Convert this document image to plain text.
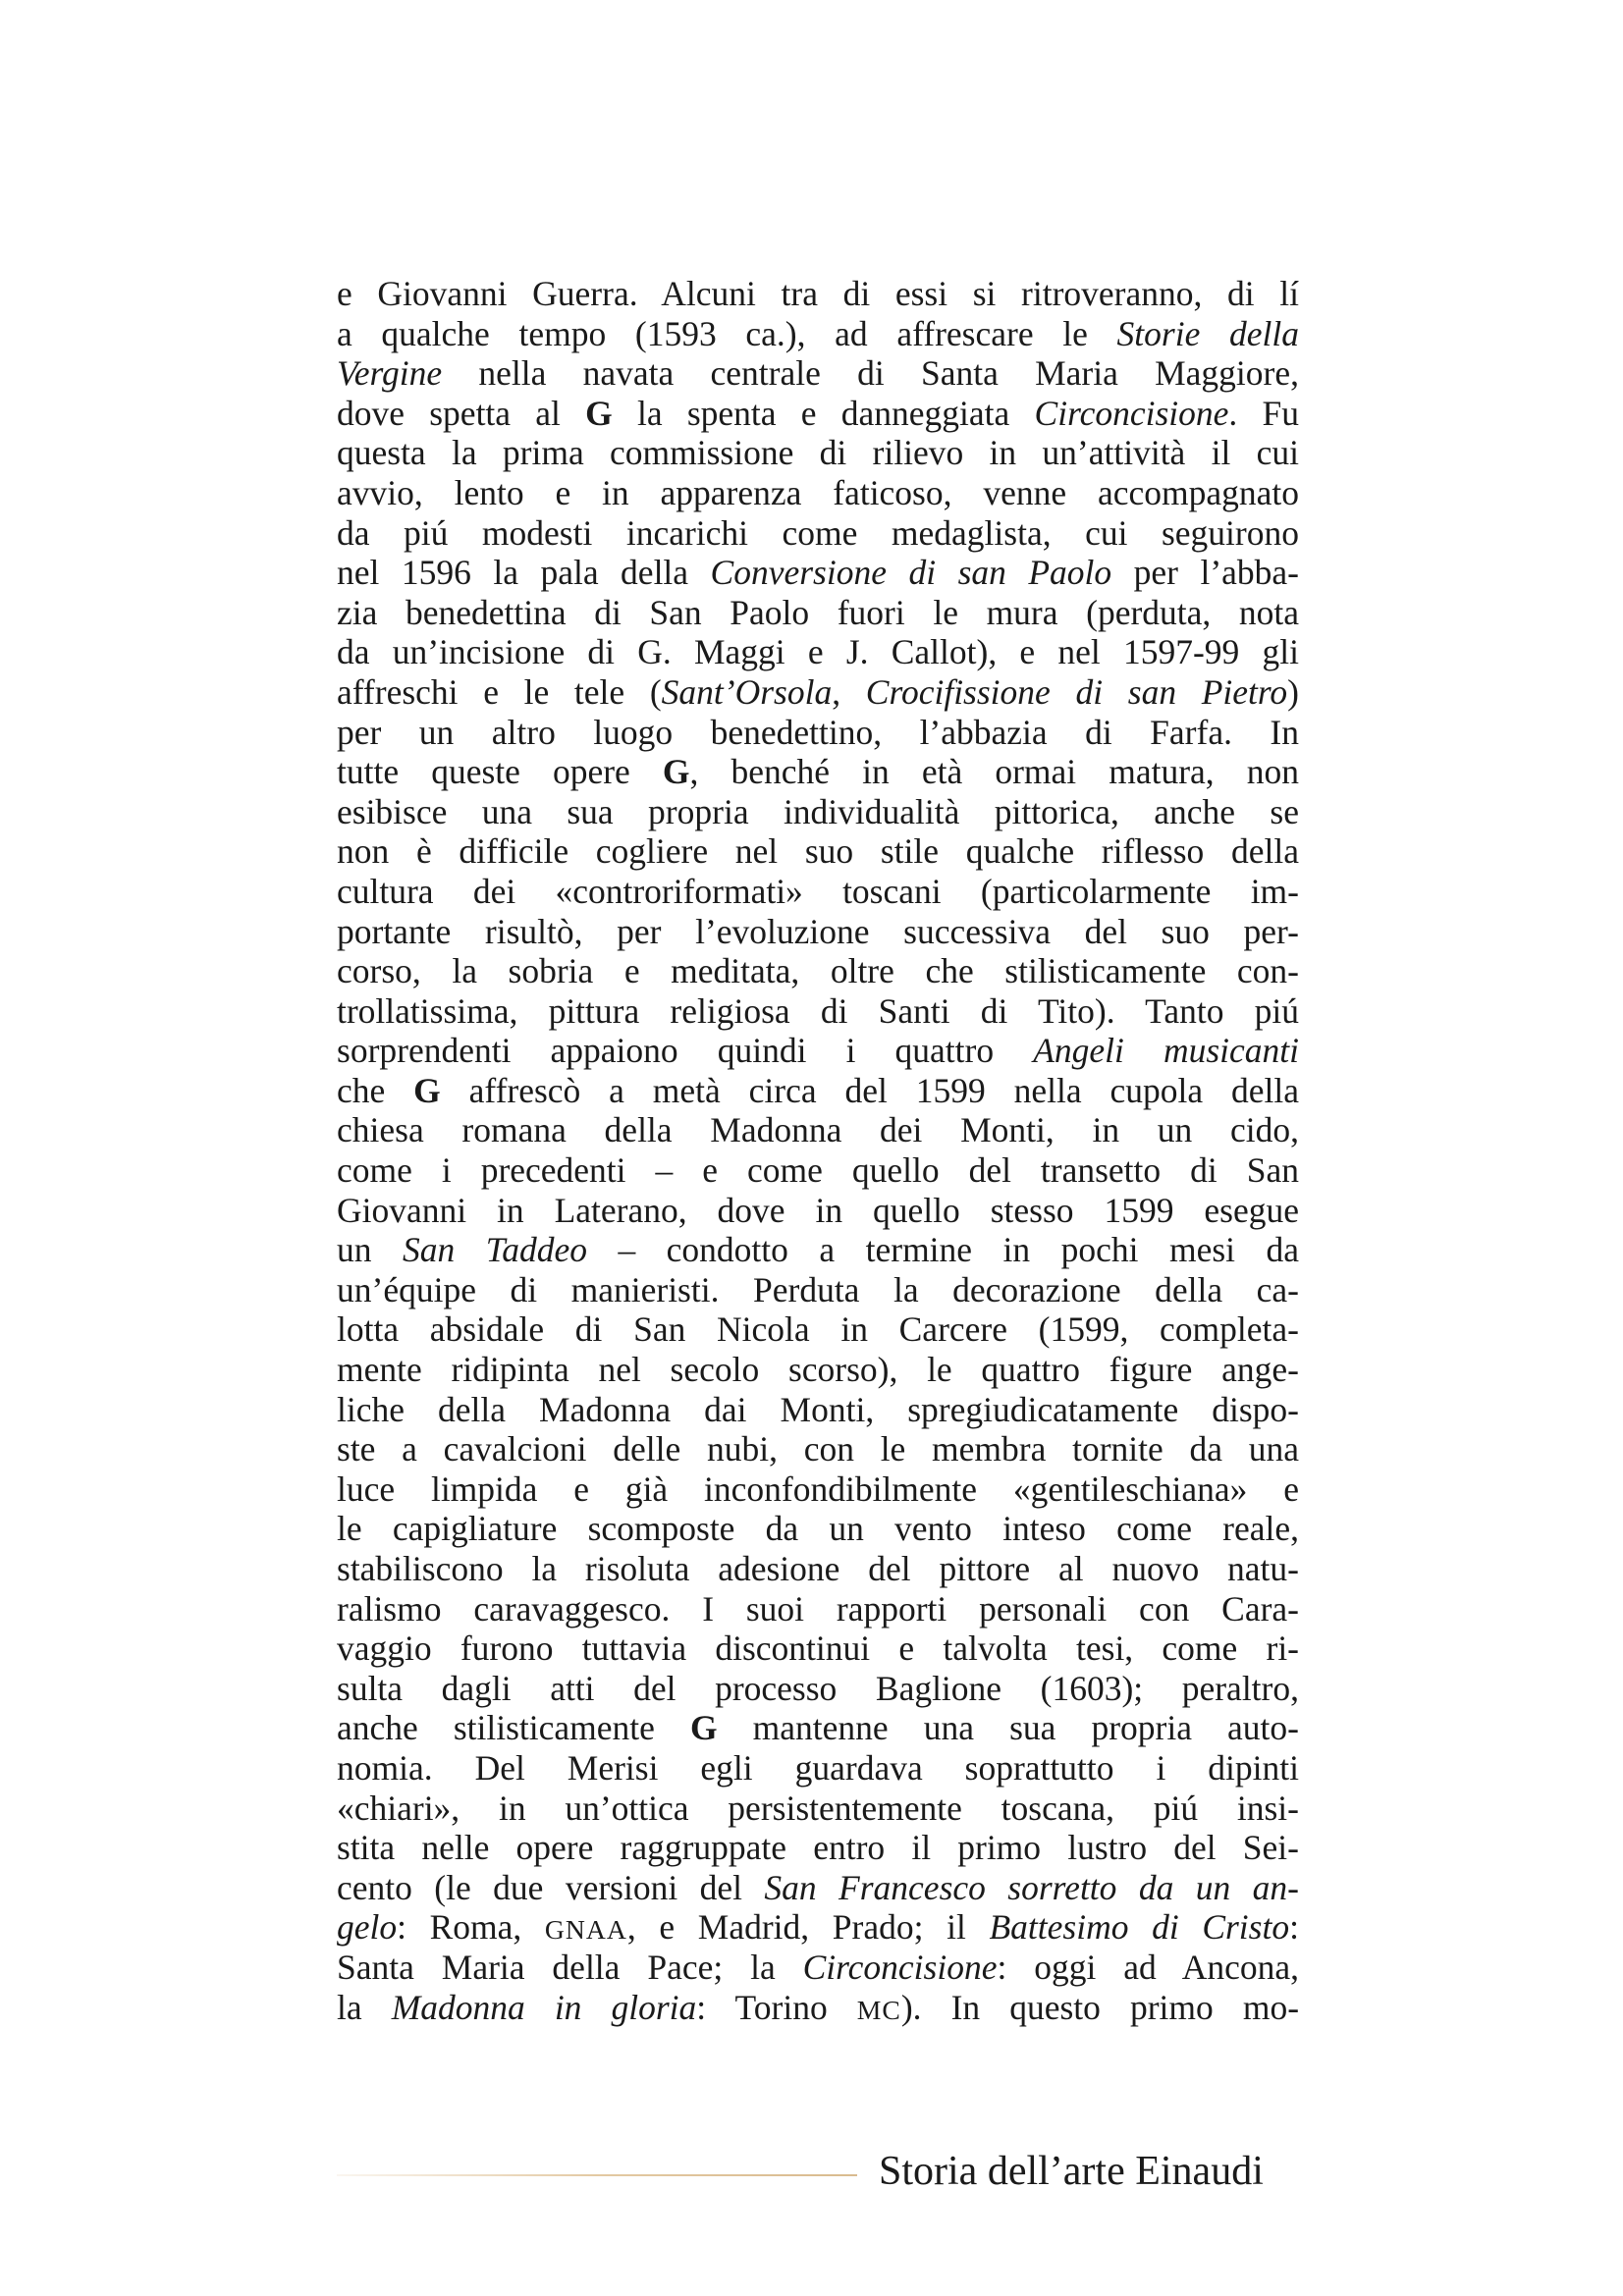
e Giovanni Guerra. Alcuni tra di essi si ritroveranno, di lí
a qualche tempo (1593 ca.), ad affrescare le Storie della
Vergine nella navata centrale di Santa Maria Maggiore,
dove spetta al G la spenta e danneggiata Circoncisione. Fu
questa la prima commissione di rilievo in un’attività il cui
avvio, lento e in apparenza faticoso, venne accompagnato
da piú modesti incarichi come medaglista, cui seguirono
nel 1596 la pala della Conversione di san Paolo per l’abba-
zia benedettina di San Paolo fuori le mura (perduta, nota
da un’incisione di G. Maggi e J. Callot), e nel 1597-99 gli
affreschi e le tele (Sant’Orsola, Crocifissione di san Pietro)
per un altro luogo benedettino, l’abbazia di Farfa. In
tutte queste opere G, benché in età ormai matura, non
esibisce una sua propria individualità pittorica, anche se
non è difficile cogliere nel suo stile qualche riflesso della
cultura dei «controriformati» toscani (particolarmente im-
portante risultò, per l’evoluzione successiva del suo per-
corso, la sobria e meditata, oltre che stilisticamente con-
trollatissima, pittura religiosa di Santi di Tito). Tanto piú
sorprendenti appaiono quindi i quattro Angeli musicanti
che G affrescò a metà circa del 1599 nella cupola della
chiesa romana della Madonna dei Monti, in un cido,
come i precedenti – e come quello del transetto di San
Giovanni in Laterano, dove in quello stesso 1599 esegue
un San Taddeo – condotto a termine in pochi mesi da
un’équipe di manieristi. Perduta la decorazione della ca-
lotta absidale di San Nicola in Carcere (1599, completa-
mente ridipinta nel secolo scorso), le quattro figure ange-
liche della Madonna dai Monti, spregiudicatamente dispo-
ste a cavalcioni delle nubi, con le membra tornite da una
luce limpida e già inconfondibilmente «gentileschiana» e
le capigliature scomposte da un vento inteso come reale,
stabiliscono la risoluta adesione del pittore al nuovo natu-
ralismo caravaggesco. I suoi rapporti personali con Cara-
vaggio furono tuttavia discontinui e talvolta tesi, come ri-
sulta dagli atti del processo Baglione (1603); peraltro,
anche stilisticamente G mantenne una sua propria auto-
nomia. Del Merisi egli guardava soprattutto i dipinti
«chiari», in un’ottica persistentemente toscana, piú insi-
stita nelle opere raggruppate entro il primo lustro del Sei-
cento (le due versioni del San Francesco sorretto da un an-
gelo: Roma, GNAA, e Madrid, Prado; il Battesimo di Cristo:
Santa Maria della Pace; la Circoncisione: oggi ad Ancona,
la Madonna in gloria: Torino MC). In questo primo mo-
Storia dell’arte Einaudi
